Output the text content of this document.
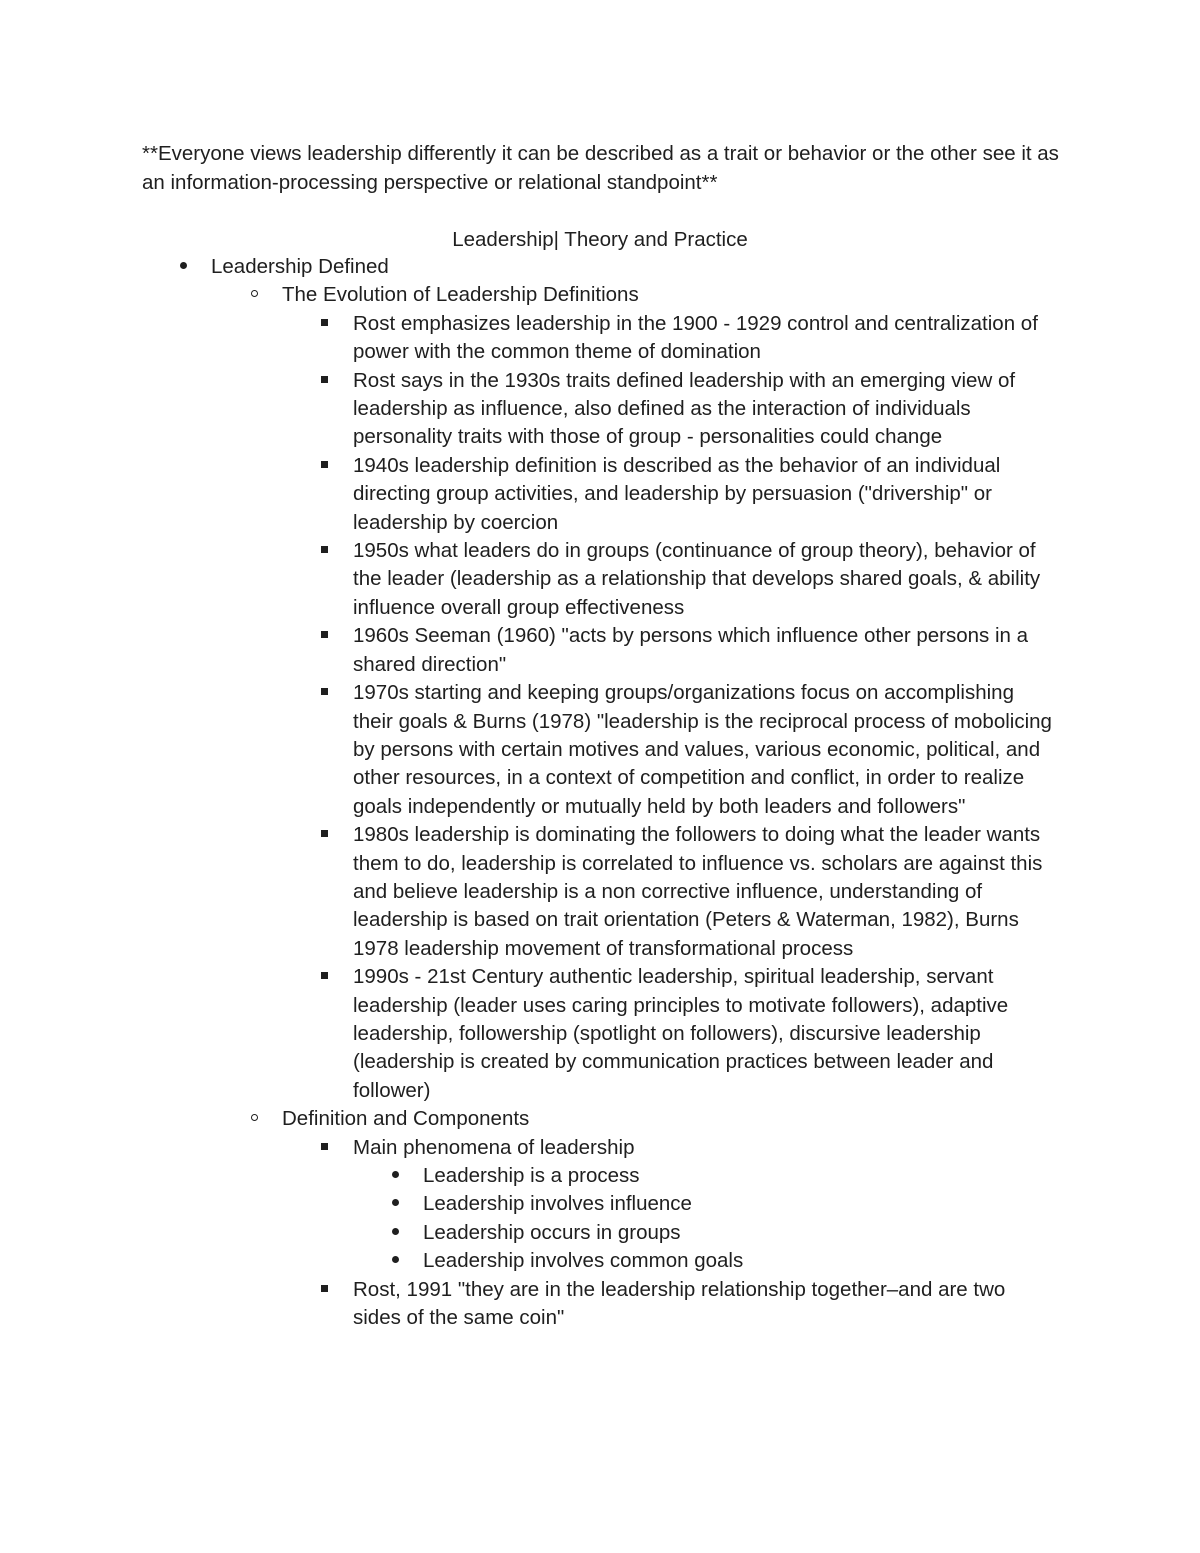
**Everyone views leadership differently it can be described as a trait or behavior or the other see it as an information-processing perspective or relational standpoint**

Leadership| Theory and Practice

Leadership Defined
The Evolution of Leadership Definitions
Rost emphasizes leadership in the 1900 - 1929 control and centralization of power with the common theme of domination
Rost says in the 1930s traits defined leadership with an emerging view of leadership as influence, also defined as the interaction of individuals personality traits with those of group - personalities could change
1940s leadership definition is described as the behavior of an individual directing group activities, and leadership by persuasion ("drivership" or leadership by coercion
1950s what leaders do in groups (continuance of group theory), behavior of the leader (leadership as a relationship that develops shared goals, & ability influence overall group effectiveness
1960s Seeman (1960) "acts by persons which influence other persons in a shared direction"
1970s starting and keeping groups/organizations focus on accomplishing their goals & Burns (1978) "leadership is the reciprocal process of mobolicing by persons with certain motives and values, various economic, political, and other resources, in a context of competition and conflict, in order to realize goals independently or mutually held by both leaders and followers"
1980s leadership is dominating the followers to doing what the leader wants them to do, leadership is correlated to influence vs. scholars are against this and believe leadership is a non corrective influence, understanding of leadership is based on trait orientation (Peters & Waterman, 1982), Burns 1978 leadership movement of transformational process
1990s - 21st Century authentic leadership, spiritual leadership, servant leadership (leader uses caring principles to motivate followers), adaptive leadership, followership (spotlight on followers), discursive leadership (leadership is created by communication practices between leader and follower)
Definition and Components
Main phenomena of leadership
Leadership is a process
Leadership involves influence
Leadership occurs in groups
Leadership involves common goals
Rost, 1991 "they are in the leadership relationship together–and are two sides of the same coin"
